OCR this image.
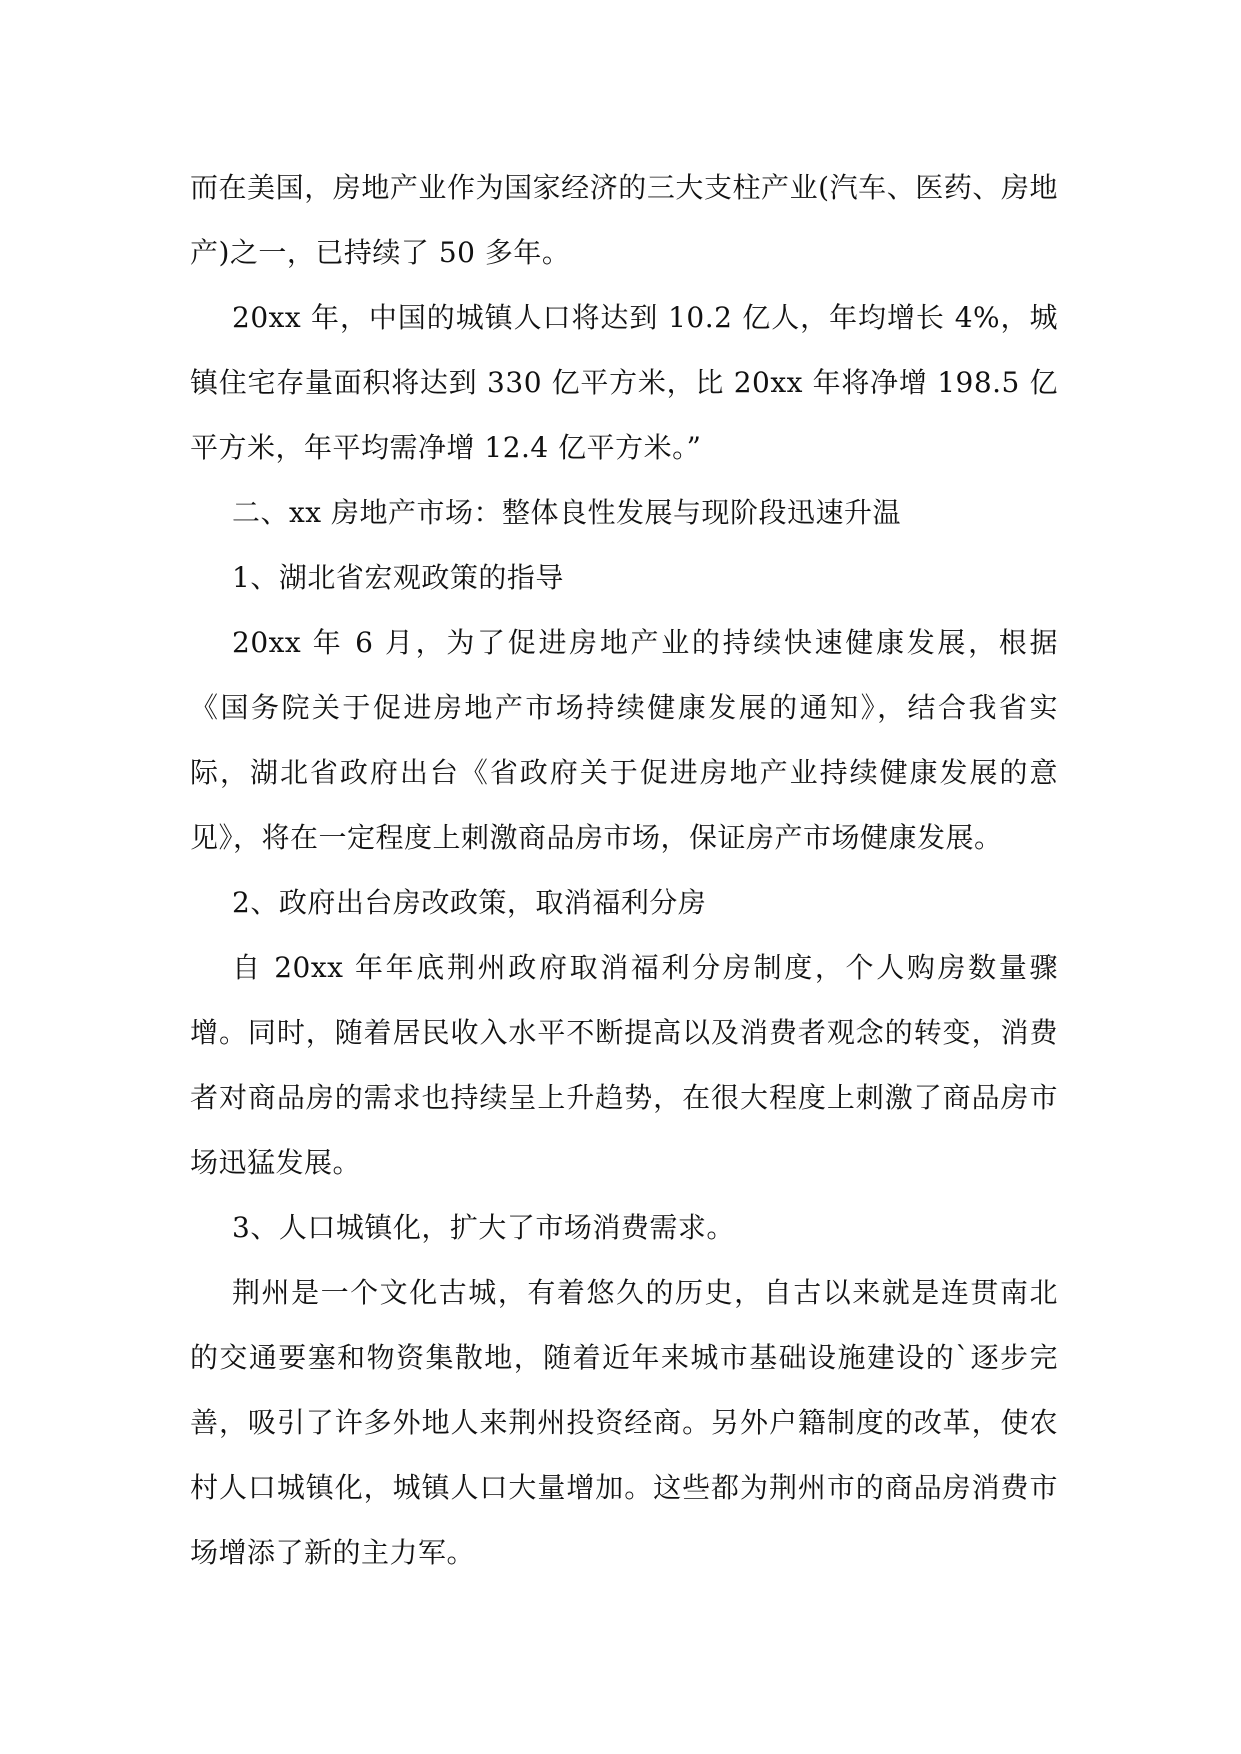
而在美国，房地产业作为国家经济的三大支柱产业(汽车、医药、房地产)之一，已持续了 50 多年。

20xx 年，中国的城镇人口将达到 10.2 亿人，年均增长 4%，城镇住宅存量面积将达到 330 亿平方米，比 20xx 年将净增 198.5 亿平方米，年平均需净增 12.4 亿平方米。”

二、xx 房地产市场：整体良性发展与现阶段迅速升温

1、湖北省宏观政策的指导

20xx 年 6 月，为了促进房地产业的持续快速健康发展，根据《国务院关于促进房地产市场持续健康发展的通知》，结合我省实际，湖北省政府出台《省政府关于促进房地产业持续健康发展的意见》，将在一定程度上刺激商品房市场，保证房产市场健康发展。

2、政府出台房改政策，取消福利分房

自 20xx 年年底荆州政府取消福利分房制度，个人购房数量骤增。同时，随着居民收入水平不断提高以及消费者观念的转变，消费者对商品房的需求也持续呈上升趋势，在很大程度上刺激了商品房市场迅猛发展。

3、人口城镇化，扩大了市场消费需求。

荆州是一个文化古城，有着悠久的历史，自古以来就是连贯南北的交通要塞和物资集散地，随着近年来城市基础设施建设的`逐步完善，吸引了许多外地人来荆州投资经商。另外户籍制度的改革，使农村人口城镇化，城镇人口大量增加。这些都为荆州市的商品房消费市场增添了新的主力军。
